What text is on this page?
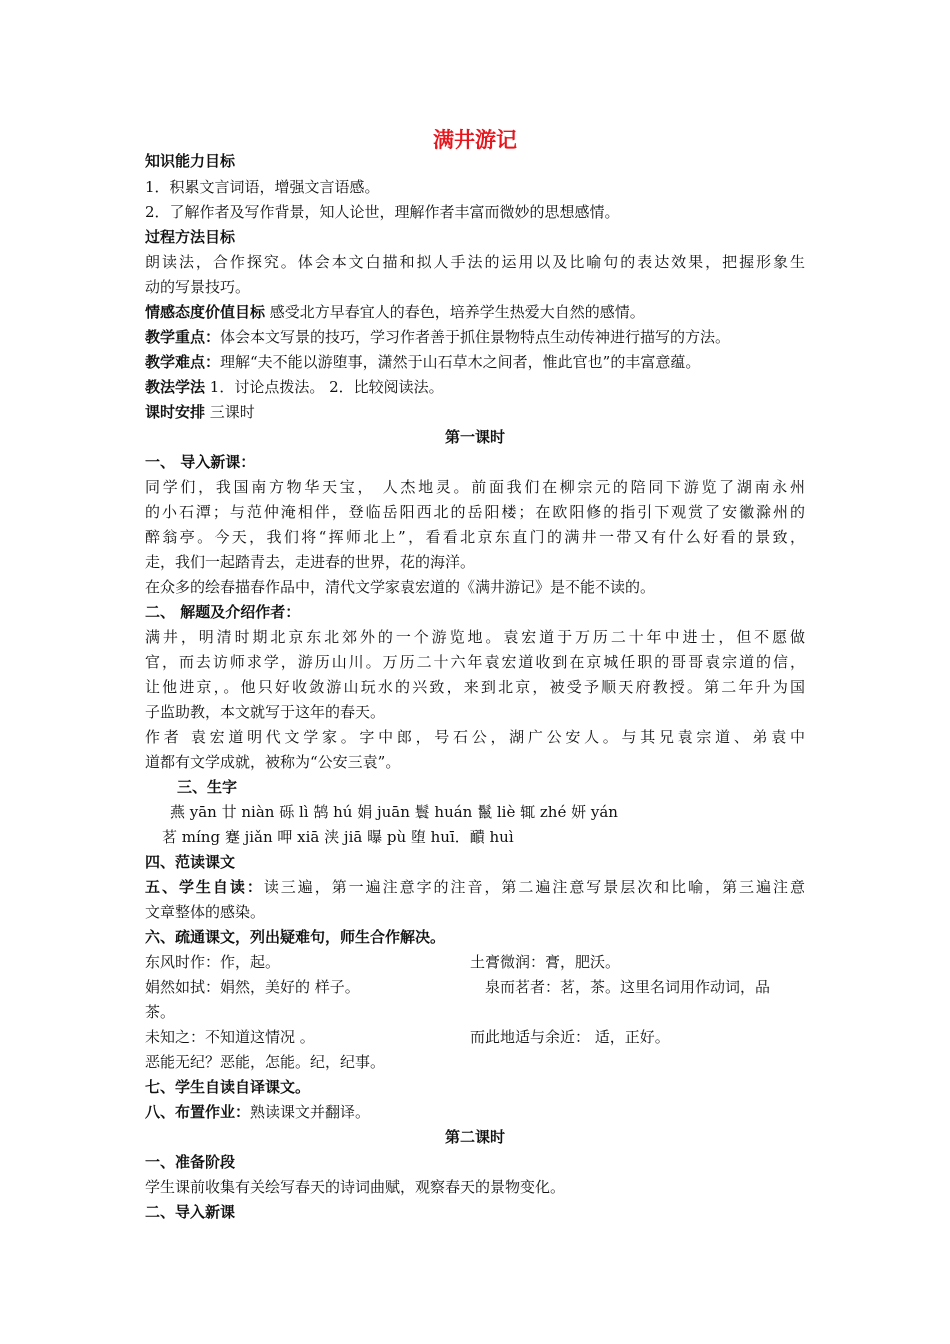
满井游记
知识能力目标
1．积累文言词语，增强文言语感。
2．了解作者及写作背景，知人论世，理解作者丰富而微妙的思想感情。
过程方法目标
朗读法，合作探究。体会本文白描和拟人手法的运用以及比喻句的表达效果，把握形象生
动的写景技巧。
情感态度价值目标 感受北方早春宜人的春色，培养学生热爱大自然的感情。
教学重点：体会本文写景的技巧，学习作者善于抓住景物特点生动传神进行描写的方法。
教学难点：理解“夫不能以游堕事，潇然于山石草木之间者，惟此官也”的丰富意蕴。
教法学法 1．讨论点拨法。 2．比较阅读法。
课时安排 三课时
第一课时
一、 导入新课：
同学们，我国南方物华天宝， 人杰地灵。前面我们在柳宗元的陪同下游览了湖南永州
的小石潭；与范仲淹相伴，登临岳阳西北的岳阳楼；在欧阳修的指引下观赏了安徽滁州的
醉翁亭。今天，我们将“挥师北上”，看看北京东直门的满井一带又有什么好看的景致，
走，我们一起踏青去，走进春的世界，花的海洋。
在众多的绘春描春作品中，清代文学家袁宏道的《满井游记》是不能不读的。
二、 解题及介绍作者：
满井，明清时期北京东北郊外的一个游览地。袁宏道于万历二十年中进士，但不愿做
官，而去访师求学，游历山川。万历二十六年袁宏道收到在京城任职的哥哥袁宗道的信，
让他进京，。他只好收敛游山玩水的兴致，来到北京，被受予顺天府教授。第二年升为国
子监助教，本文就写于这年的春天。
作者 袁宏道明代文学家。字中郎，号石公，湖广公安人。与其兄袁宗道、弟袁中
道都有文学成就，被称为“公安三袁”。
三、生字
燕 yān 廿 niàn 砾 lì 鹄 hú 娟 juān 鬟 huán 鬣 liè 辄 zhé 妍 yán
茗 míng 蹇 jiǎn 呷 xiā 浃 jiā 曝 pù 堕 huī．靧 huì
四、范读课文
五、学生自读：读三遍，第一遍注意字的注音，第二遍注意写景层次和比喻，第三遍注意
文章整体的感染。
六、疏通课文，列出疑难句，师生合作解决。
东风时作：作，起。	土膏微润：膏，肥沃。
娟然如拭：娟然，美好的 样子。	泉而茗者：茗，茶。这里名词用作动词，品
茶。
未知之：不知道这情况 。	而此地适与余近： 适，正好。
恶能无纪？恶能，怎能。纪，纪事。
七、学生自读自译课文。
八、布置作业：熟读课文并翻译。
第二课时
一、准备阶段
学生课前收集有关绘写春天的诗词曲赋，观察春天的景物变化。
二、导入新课
